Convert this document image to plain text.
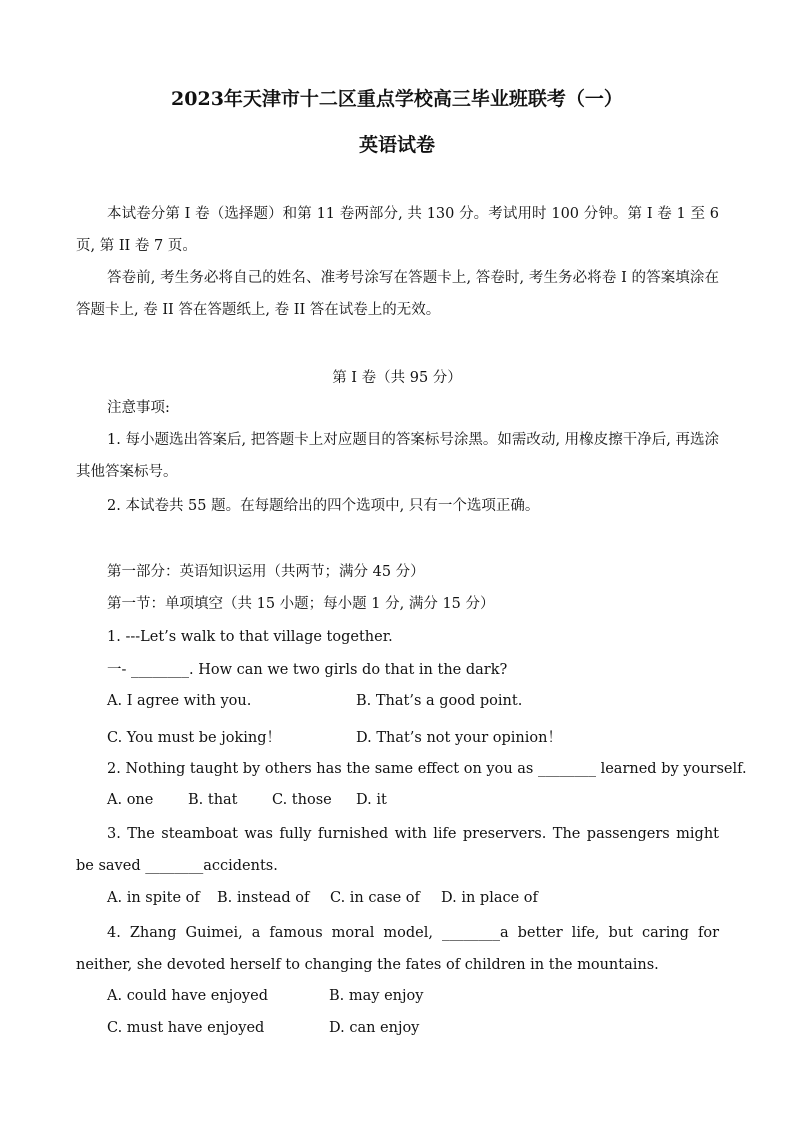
2023年天津市十二区重点学校高三毕业班联考（一）
英语试卷
本试卷分第 I 卷（选择题）和第 11 卷两部分, 共 130 分。考试用时 100 分钟。第 I 卷 1 至 6 页, 第 II 卷 7 页。
答卷前, 考生务必将自己的姓名、准考号涂写在答题卡上, 答卷时, 考生务必将卷 I 的答案填涂在答题卡上, 卷 II 答在答题纸上, 卷 II 答在试卷上的无效。
第 I 卷（共 95 分）
注意事项:
1. 每小题选出答案后, 把答题卡上对应题目的答案标号涂黑。如需改动, 用橡皮擦干净后, 再选涂其他答案标号。
2. 本试卷共 55 题。在每题给出的四个选项中, 只有一个选项正确。
第一部分：英语知识运用（共两节；满分 45 分）
第一节：单项填空（共 15 小题；每小题 1 分, 满分 15 分）
1. ---Let’s walk to that village together.
一- ________. How can we two girls do that in the dark?
A. I agree with you.	B. That’s a good point.
C. You must be joking！	D. That’s not your opinion！
2. Nothing taught by others has the same effect on you as ________ learned by yourself.
A. one B. that C. those D. it
3. The steamboat was fully furnished with life preservers. The passengers might be saved ________accidents.
A. in spite of B. instead of C. in case of D. in place of
4. Zhang Guimei, a famous moral model, ________a better life, but caring for neither, she devoted herself to changing the fates of children in the mountains.
A. could have enjoyed	B. may enjoy
C. must have enjoyed	D. can enjoy
